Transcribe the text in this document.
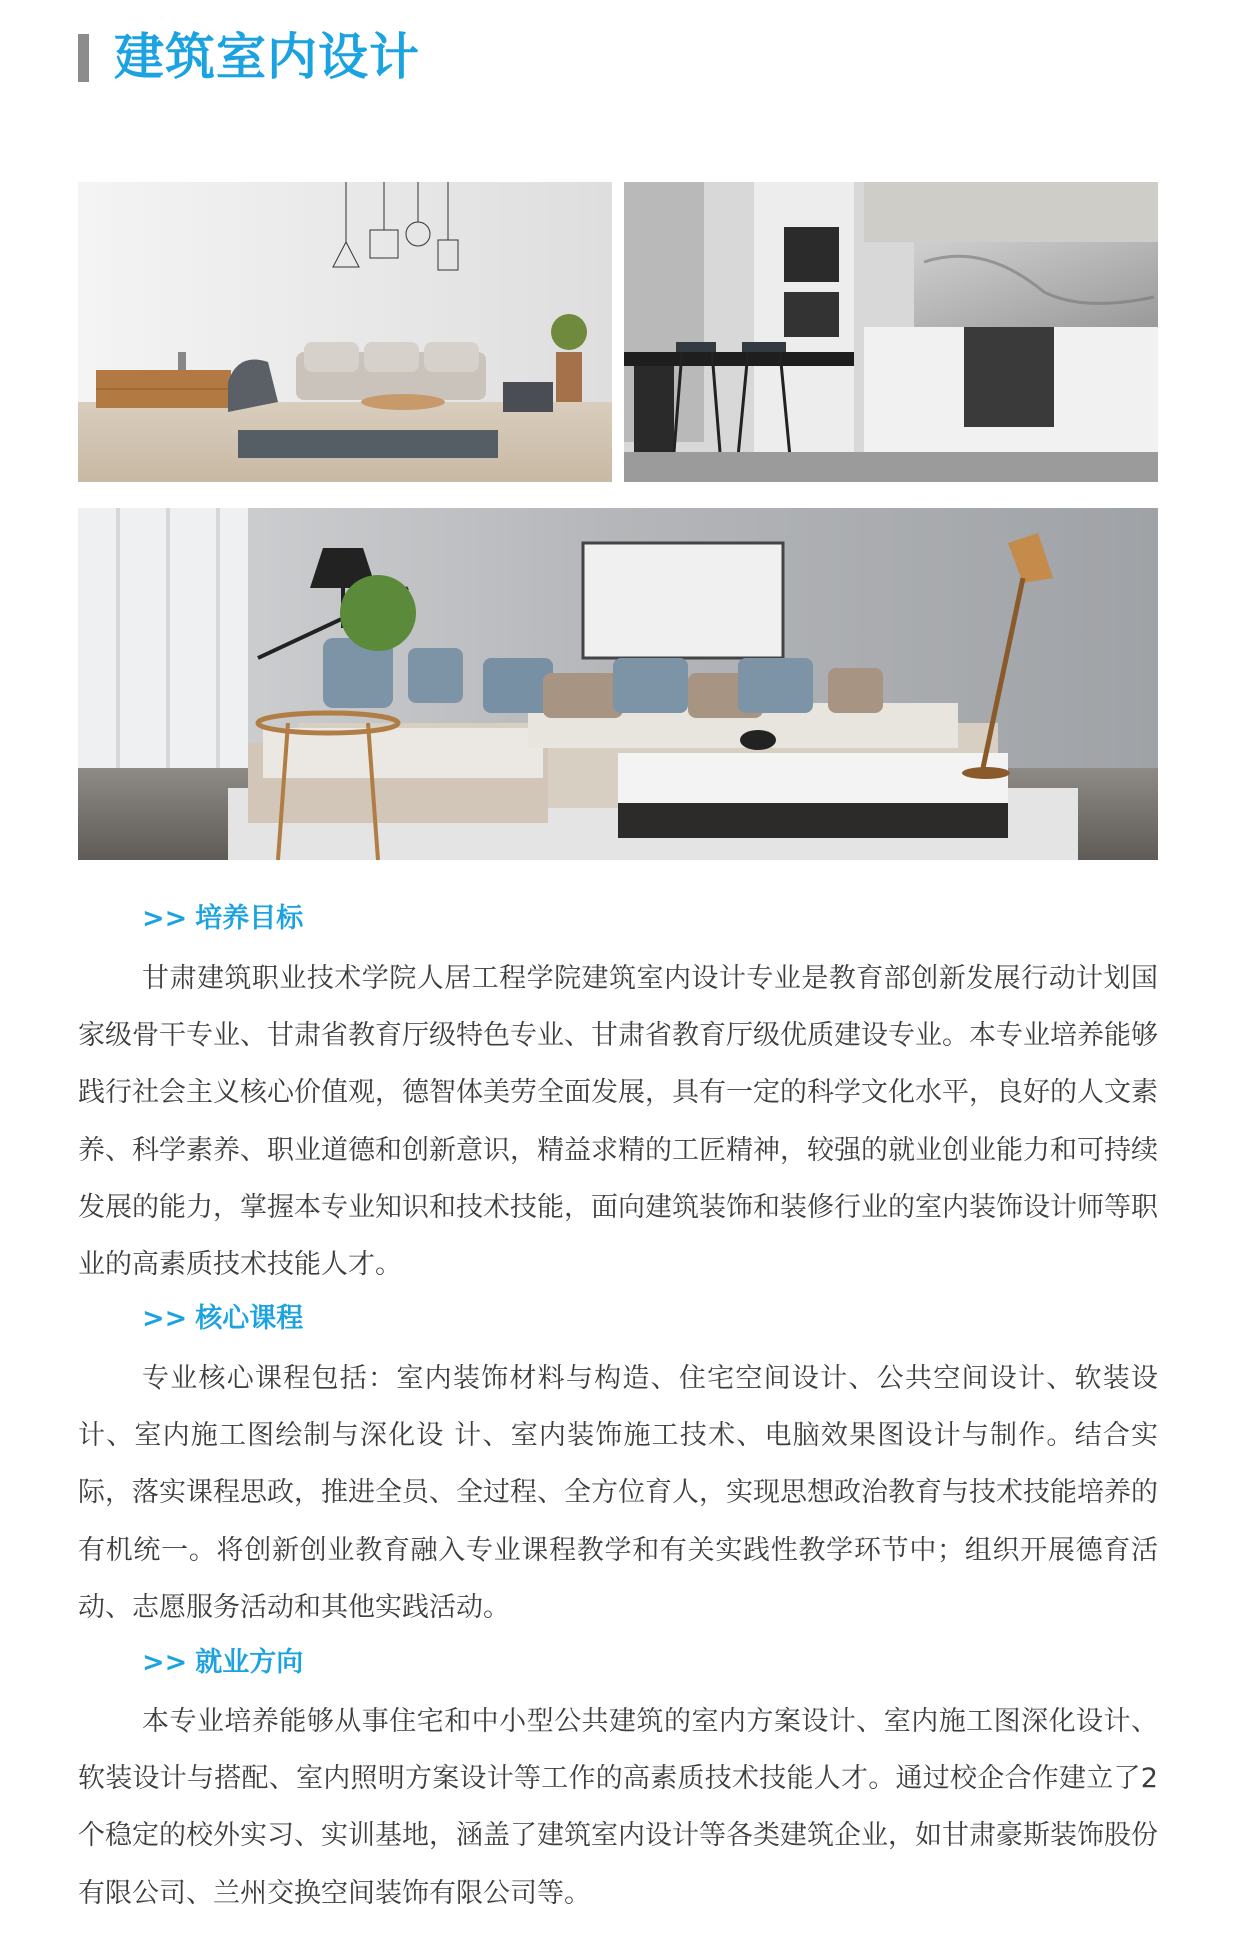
建筑室内设计
>> 培养目标
甘肃建筑职业技术学院人居工程学院建筑室内设计专业是教育部创新发展行动计划国家级骨干专业、甘肃省教育厅级特色专业、甘肃省教育厅级优质建设专业。本专业培养能够践行社会主义核心价值观，德智体美劳全面发展，具有一定的科学文化水平，良好的人文素养、科学素养、职业道德和创新意识，精益求精的工匠精神，较强的就业创业能力和可持续发展的能力，掌握本专业知识和技术技能，面向建筑装饰和装修行业的室内装饰设计师等职业的高素质技术技能人才。
>> 核心课程
专业核心课程包括：室内装饰材料与构造、住宅空间设计、公共空间设计、软装设计、室内施工图绘制与深化设 计、室内装饰施工技术、电脑效果图设计与制作。结合实际，落实课程思政，推进全员、全过程、全方位育人，实现思想政治教育与技术技能培养的有机统一。将创新创业教育融入专业课程教学和有关实践性教学环节中；组织开展德育活动、志愿服务活动和其他实践活动。
>> 就业方向
本专业培养能够从事住宅和中小型公共建筑的室内方案设计、室内施工图深化设计、软装设计与搭配、室内照明方案设计等工作的高素质技术技能人才。通过校企合作建立了2个稳定的校外实习、实训基地，涵盖了建筑室内设计等各类建筑企业，如甘肃豪斯装饰股份有限公司、兰州交换空间装饰有限公司等。
